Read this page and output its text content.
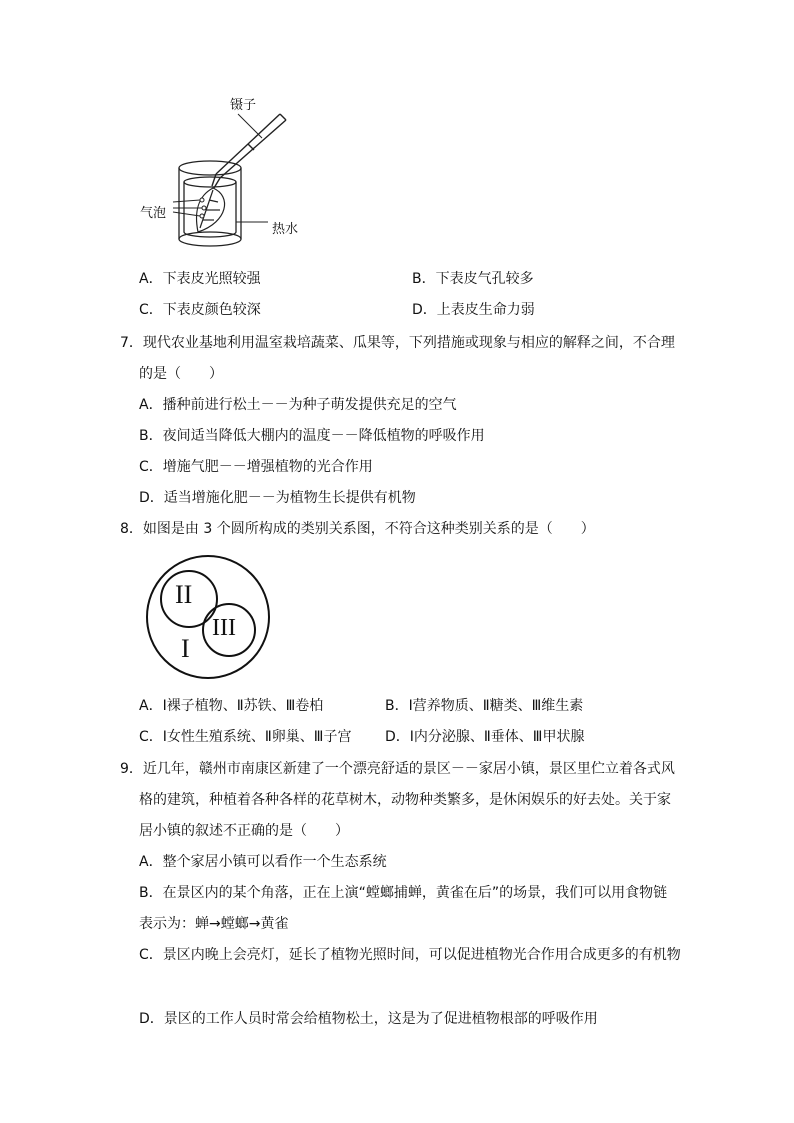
镊子
气泡
热水
A．下表皮光照较强	B．下表皮气孔较多
C．下表皮颜色较深	D．上表皮生命力弱
7．现代农业基地利用温室栽培蔬菜、瓜果等，下列措施或现象与相应的解释之间，不合理
的是（　　）
A．播种前进行松土－－为种子萌发提供充足的空气
B．夜间适当降低大棚内的温度－－降低植物的呼吸作用
C．增施气肥－－增强植物的光合作用
D．适当增施化肥－－为植物生长提供有机物
8．如图是由 3 个圆所构成的类别关系图，不符合这种类别关系的是（　　）
II
III
I
A．Ⅰ裸子植物、Ⅱ苏铁、Ⅲ卷柏	B．Ⅰ营养物质、Ⅱ糖类、Ⅲ维生素
C．Ⅰ女性生殖系统、Ⅱ卵巢、Ⅲ子宫 D．Ⅰ内分泌腺、Ⅱ垂体、Ⅲ甲状腺
9．近几年，赣州市南康区新建了一个漂亮舒适的景区－－家居小镇，景区里伫立着各式风
格的建筑，种植着各种各样的花草树木，动物种类繁多，是休闲娱乐的好去处。关于家
居小镇的叙述不正确的是（　　）
A．整个家居小镇可以看作一个生态系统
B．在景区内的某个角落，正在上演“螳螂捕蝉，黄雀在后”的场景，我们可以用食物链
表示为：蝉→螳螂→黄雀
C．景区内晚上会亮灯，延长了植物光照时间，可以促进植物光合作用合成更多的有机物
D．景区的工作人员时常会给植物松土，这是为了促进植物根部的呼吸作用
